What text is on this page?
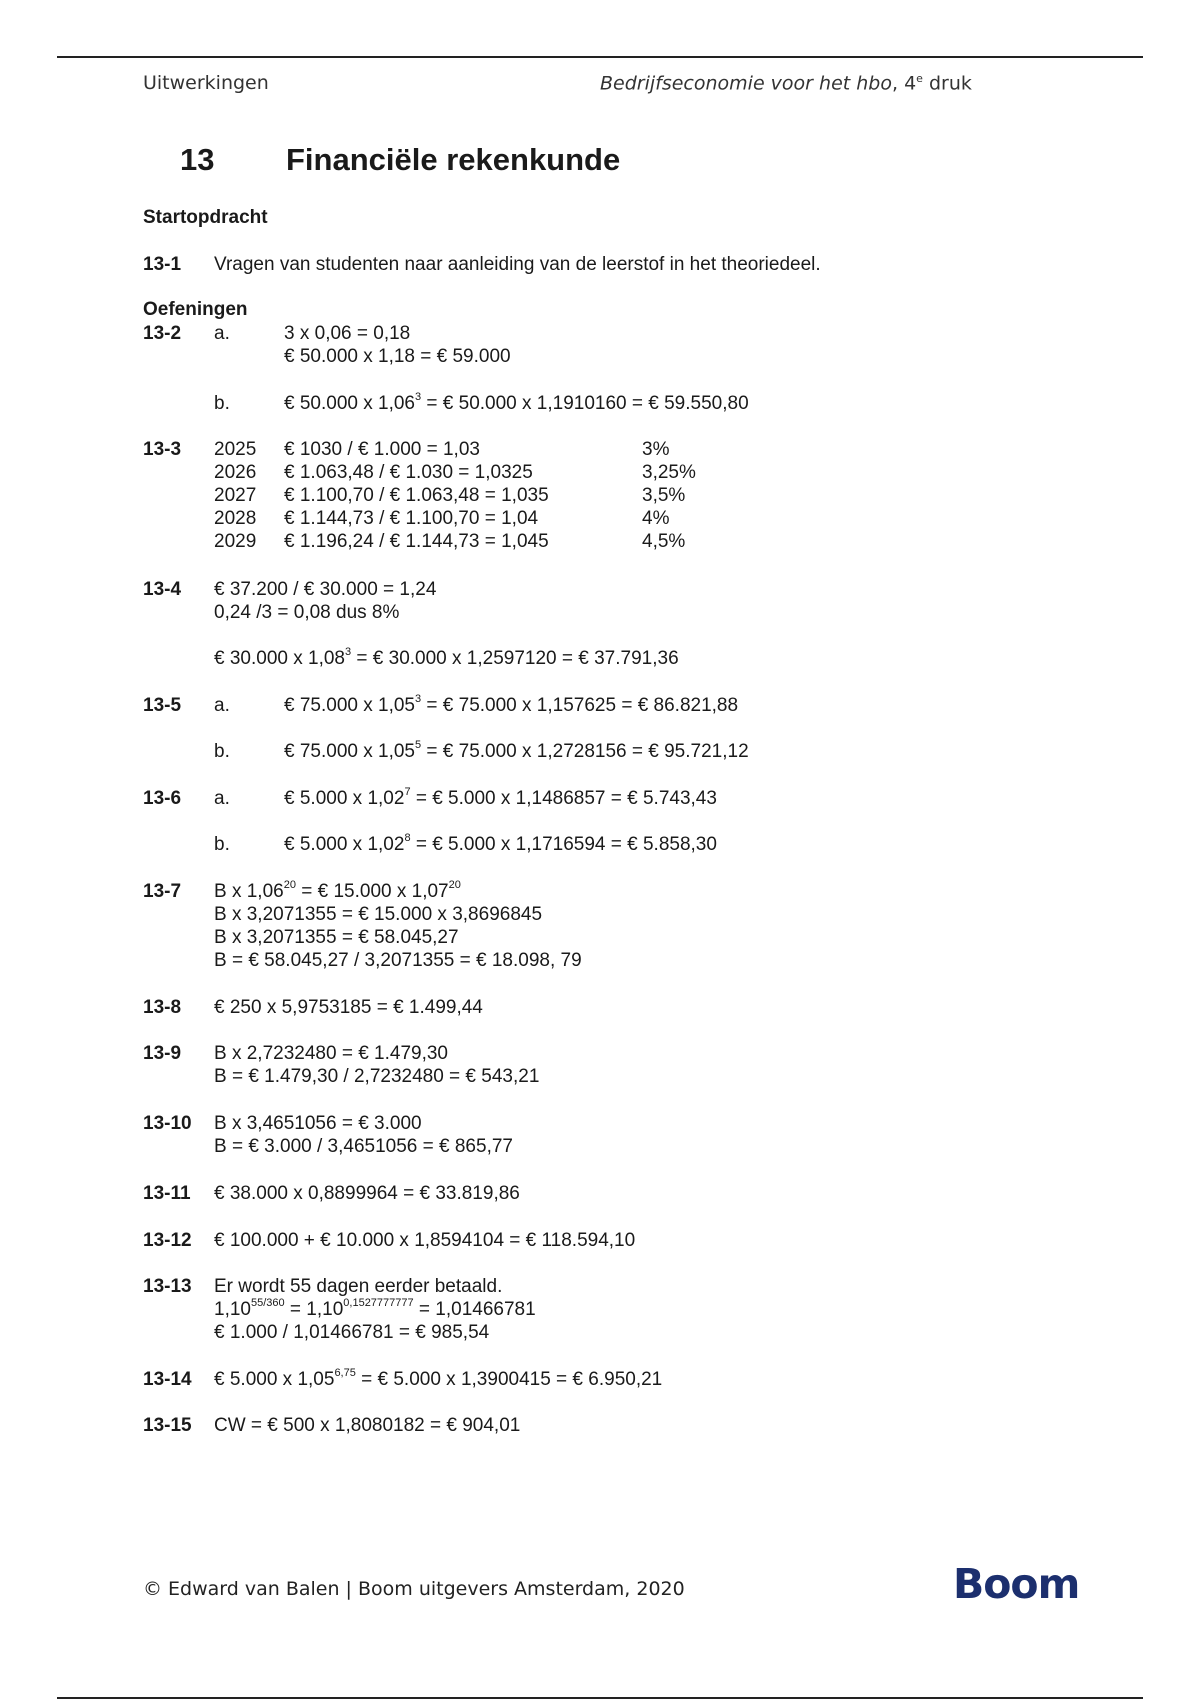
Uitwerkingen	Bedrijfseconomie voor het hbo, 4e druk
13 Financiële rekenkunde
Startopdracht
13-1 Vragen van studenten naar aanleiding van de leerstof in het theoriedeel.
Oefeningen
13-2 a.	3 x 0,06 = 0,18
€ 50.000 x 1,18 = € 59.000
b.	€ 50.000 x $1,06^3$ = € 50.000 x 1,1910160 = € 59.550,80
13-3 2025 € 1030 / € 1.000 = 1,03	3%
2026 € 1.063,48 / € 1.030 = 1,0325	3,25%
2027 € 1.100,70 / € 1.063,48 = 1,035	3,5%
2028 € 1.144,73 / € 1.100,70 = 1,04	4%
2029 € 1.196,24 / € 1.144,73 = 1,045	4,5%
13-4 € 37.200 / € 30.000 = 1,24
0,24 /3 = 0,08 dus 8%
€ 30.000 x $1,08^3$ = € 30.000 x 1,2597120 = € 37.791,36
13-5 a.	€ 75.000 x $1,05^3$ = € 75.000 x 1,157625 = € 86.821,88
b.	€ 75.000 x $1,05^5$ = € 75.000 x 1,2728156 = € 95.721,12
13-6 a.	€ 5.000 x $1,02^7$ = € 5.000 x 1,1486857 = € 5.743,43
b.	€ 5.000 x $1,02^8$ = € 5.000 x 1,1716594 = € 5.858,30
13-7 B x $1,06^{20}$ = € 15.000 x 1,07$^{20}$
B x 3,2071355 = € 15.000 x 3,8696845
B x 3,2071355 = € 58.045,27
B = € 58.045,27 / 3,2071355 = € 18.098, 79
13-8 € 250 x 5,9753185 = € 1.499,44
13-9 B x 2,7232480 = € 1.479,30
B = € 1.479,30 / 2,7232480 = € 543,21
13-10 B x 3,4651056 = € 3.000
B = € 3.000 / 3,4651056 = € 865,77
13-11 € 38.000 x 0,8899964 = € 33.819,86
13-12 € 100.000 + € 10.000 x 1,8594104 = € 118.594,10
13-13 Er wordt 55 dagen eerder betaald.
$1,10^{55/360} = 1,10^{0,1527777777} = 1,01466781$
€ 1.000 / 1,01466781 = € 985,54
13-14 € 5.000 x $1,05^{6,75}$ = € 5.000 x 1,3900415 = € 6.950,21
13-15 CW = € 500 x 1,8080182 = € 904,01
© Edward van Balen | Boom uitgevers Amsterdam, 2020	Boom
